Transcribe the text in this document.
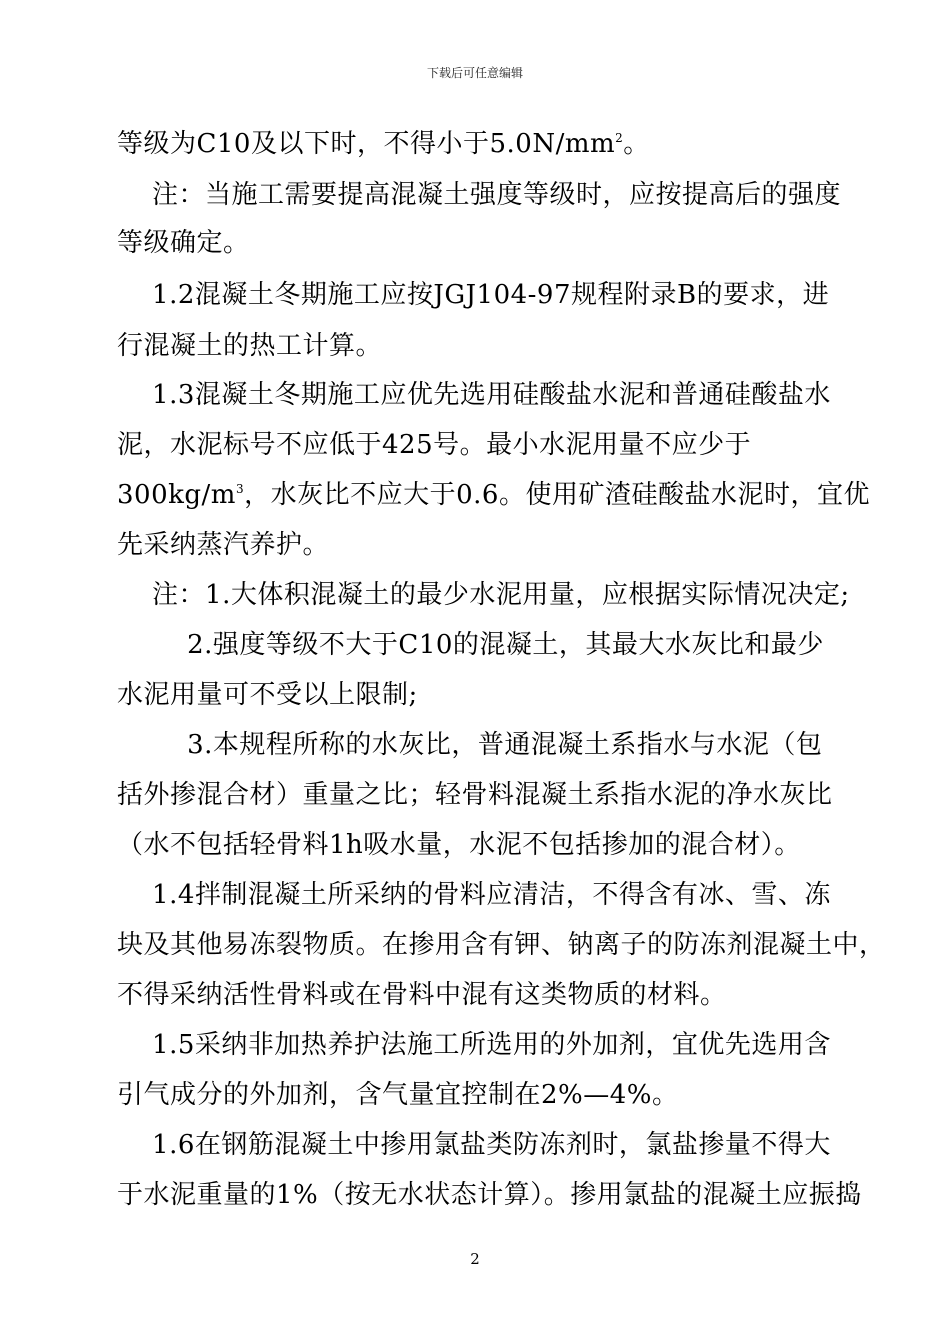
下载后可任意编辑
等级为C10及以下时，不得小于$5.0N/mm^2$。
注：当施工需要提高混凝土强度等级时，应按提高后的强度
等级确定。
1.2混凝土冬期施工应按JGJ104-97规程附录B的要求，进
行混凝土的热工计算。
1.3混凝土冬期施工应优先选用硅酸盐水泥和普通硅酸盐水
泥，水泥标号不应低于425号。最小水泥用量不应少于
$300kg/m^3$，水灰比不应大于0.6。使用矿渣硅酸盐水泥时，宜优
先采纳蒸汽养护。
注：1.大体积混凝土的最少水泥用量，应根据实际情况决定;
2.强度等级不大于C10的混凝土，其最大水灰比和最少
水泥用量可不受以上限制;
3.本规程所称的水灰比，普通混凝土系指水与水泥（包
括外掺混合材）重量之比；轻骨料混凝土系指水泥的净水灰比
（水不包括轻骨料1h吸水量，水泥不包括掺加的混合材）。
1.4拌制混凝土所采纳的骨料应清洁，不得含有冰、雪、冻
块及其他易冻裂物质。在掺用含有钾、钠离子的防冻剂混凝土中，
不得采纳活性骨料或在骨料中混有这类物质的材料。
1.5采纳非加热养护法施工所选用的外加剂，宜优先选用含
引气成分的外加剂，含气量宜控制在2%—4%。
1.6在钢筋混凝土中掺用氯盐类防冻剂时，氯盐掺量不得大
于水泥重量的1%（按无水状态计算）。掺用氯盐的混凝土应振捣
2
